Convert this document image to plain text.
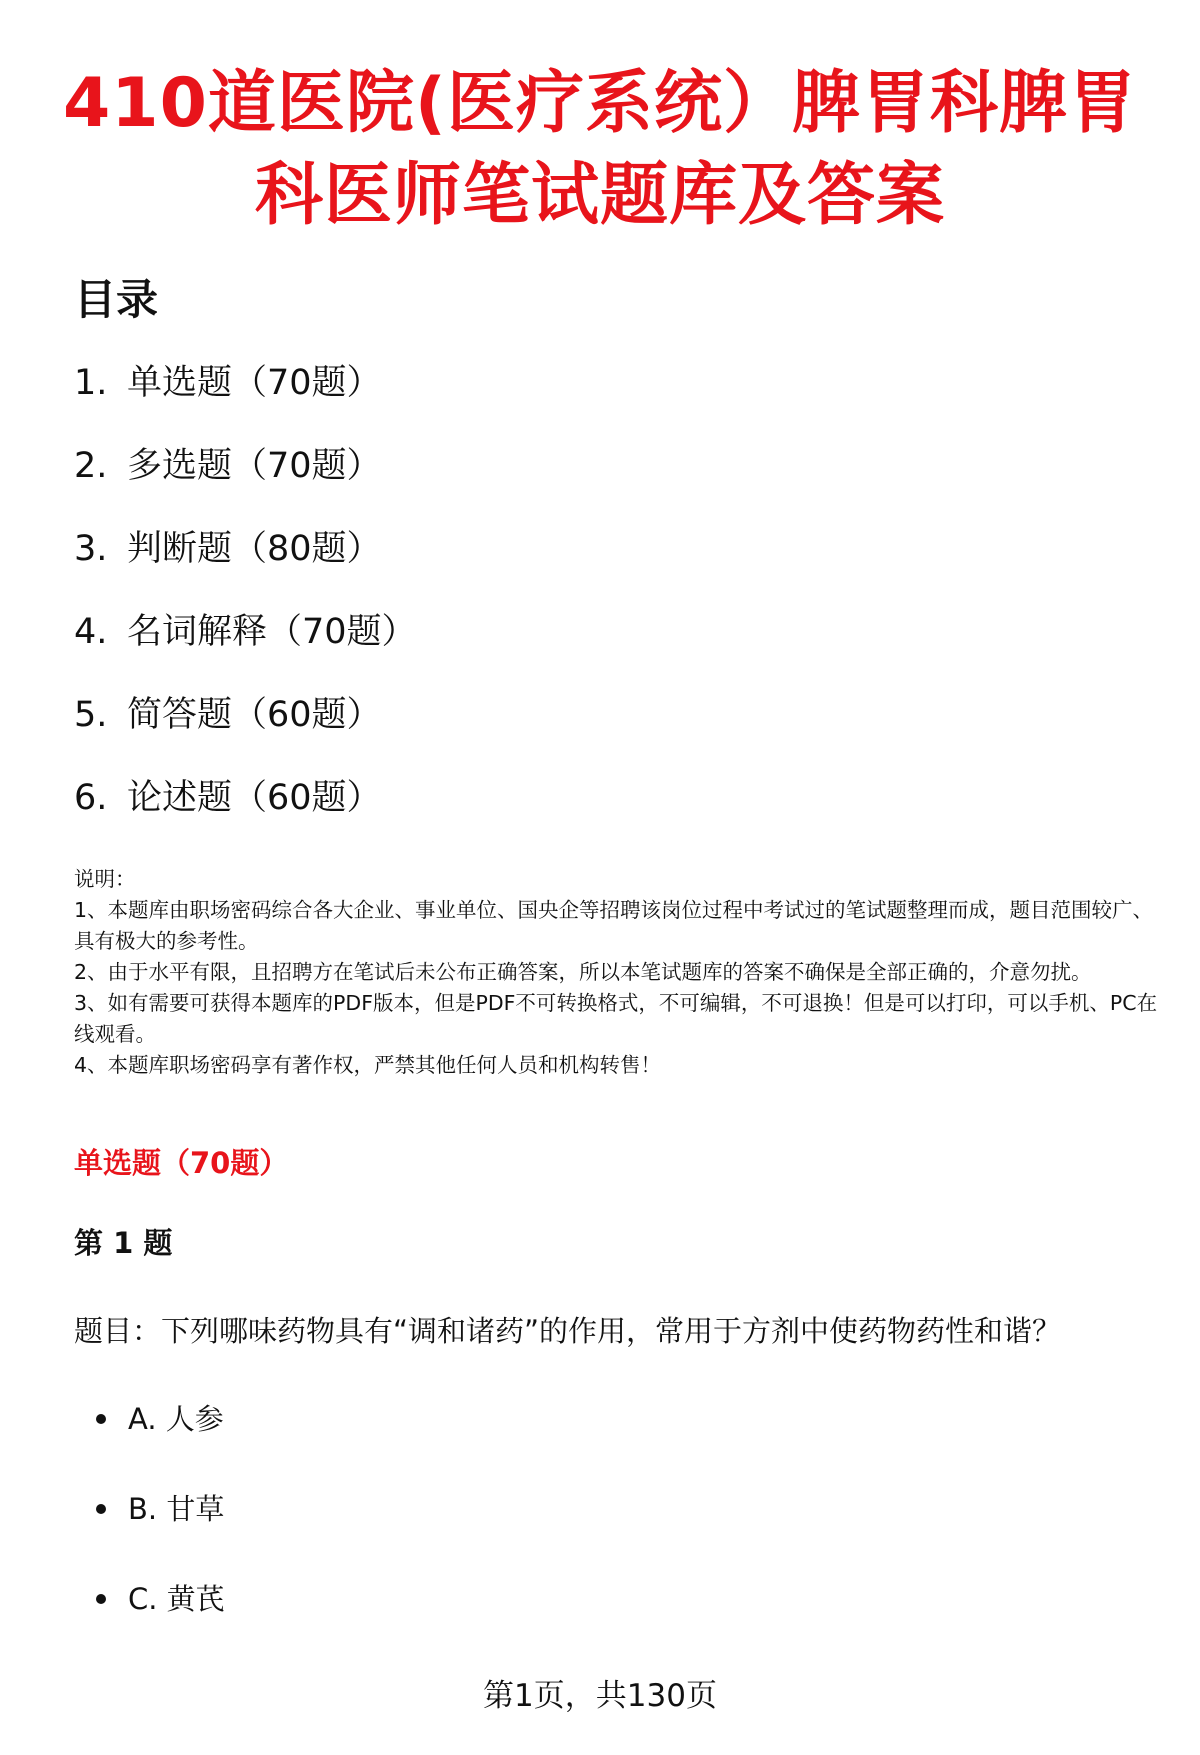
410道医院(医疗系统）脾胃科脾胃科医师笔试题库及答案
目录
1. 单选题（70题）
2. 多选题（70题）
3. 判断题（80题）
4. 名词解释（70题）
5. 简答题（60题）
6. 论述题（60题）

说明：

1、本题库由职场密码综合各大企业、事业单位、国央企等招聘该岗位过程中考试过的笔试题整理而成，题目范围较广、具有极大的参考性。

2、由于水平有限，且招聘方在笔试后未公布正确答案，所以本笔试题库的答案不确保是全部正确的，介意勿扰。

3、如有需要可获得本题库的PDF版本，但是PDF不可转换格式，不可编辑，不可退换！但是可以打印，可以手机、PC在线观看。

4、本题库职场密码享有著作权，严禁其他任何人员和机构转售！

单选题（70题）
第 1 题
题目：下列哪味药物具有“调和诸药”的作用，常用于方剂中使药物药性和谐？
A. 人参
B. 甘草
C. 黄芪
第1页，共130页
